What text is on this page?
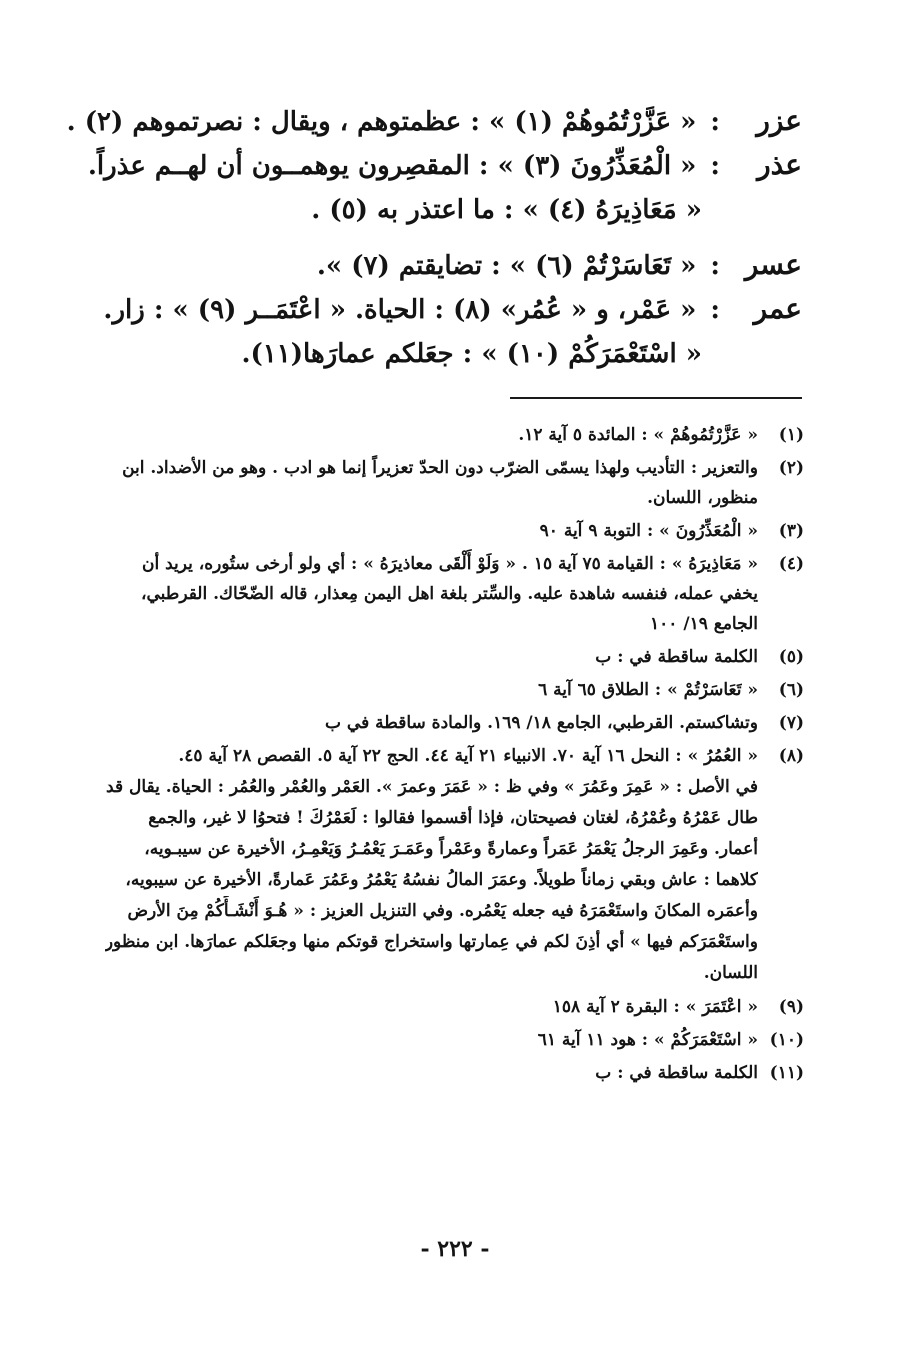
عزر
:
« عَزَّرْتُمُوهُمْ (١) » : عظمتوهم ، ويقال : نصرتموهم (٢) .
عذر
:
« الْمُعَذِّرُونَ (٣) » : المقصِرون يوهمــون أن لهــم عذراً.
« مَعَاذِيرَهُ (٤) » : ما اعتذر به (٥) .
عسر
:
« تَعَاسَرْتُمْ (٦) » : تضايقتم (٧) ».
عمر
:
« عَمْر، و « عُمُر» (٨) : الحياة. « اعْتَمَــر (٩) » : زار.
« اسْتَعْمَرَكُمْ (١٠) » : جعَلكم عمارَها(١١).
(١)
« عَزَّرْتُمُوهُمْ » : المائدة ٥ آية ١٢.
(٢)
والتعزير : التأديب ولهذا يسمّى الضرّب دون الحدّ تعزيراً إنما هو ادب . وهو من الأضداد. ابن
منظور، اللسان.
(٣)
« الْمُعَذِّرُونَ » : التوبة ٩ آية ٩٠
(٤)
« مَعَاذِيرَهُ » : القيامة ٧٥ آية ١٥ . « وَلَوْ أَلْقَى معاذيرَهُ » : أي ولو أرخى ستُوره، يريد أن
يخفي عمله، فنفسه شاهدة عليه. والسِّتر بلغة اهل اليمن مِعذار، قاله الضّحّاك. القرطبي،
الجامع ١٩/ ١٠٠
(٥)
الكلمة ساقطة في : ب
(٦)
« تَعَاسَرْتُمْ » : الطلاق ٦٥ آية ٦
(٧)
وتشاكستم. القرطبي، الجامع ١٨/ ١٦٩. والمادة ساقطة في ب
(٨)
« العُمُرُ » : النحل ١٦ آية ٧٠. الانبياء ٢١ آية ٤٤. الحج ٢٢ آية ٥. القصص ٢٨ آية ٤٥.
في الأصل : « عَمِرَ وعَمُرَ » وفي ظ : « عَمَرَ وعمرَ ». العَمْر والعُمْر والعُمُر : الحياة. يقال قد
طال عَمْرُهُ وعُمْرُهُ، لغتان فصيحتان، فإذا أقسموا فقالوا : لَعَمْرُكَ ! فتحوُا لا غير، والجمع
أعمار. وعَمِرَ الرجلُ يَعْمَرُ عَمَراً وعمارةً وعَمْراً وعَمَـرَ يَعْمُـرُ وَيَعْمِـرُ، الأخيرة عن سيبـويه،
كلاهما : عاش وبقي زماناً طويلاً. وعمَرَ المالُ نفسُهُ يَعْمُرُ وعَمُرَ عَمارةً، الأخيرة عن سيبويه،
وأعمَره المكانَ واستَعْمَرَهُ فيه جعله يَعْمُره. وفي التنزيل العزيز : « هُـوَ أَنْشَـأَكُمْ مِنَ الأرض
واستَعْمَرَكم فيها » أي أذِنَ لكم في عِمارتها واستخراج قوتكم منها وجعَلكم عمارَها. ابن منظور
اللسان.
(٩)
« اعْتَمَرَ » : البقرة ٢ آية ١٥٨
(١٠)
« اسْتَعْمَرَكُمْ » : هود ١١ آية ٦١
(١١)
الكلمة ساقطة في : ب
- ٢٢٢ -
